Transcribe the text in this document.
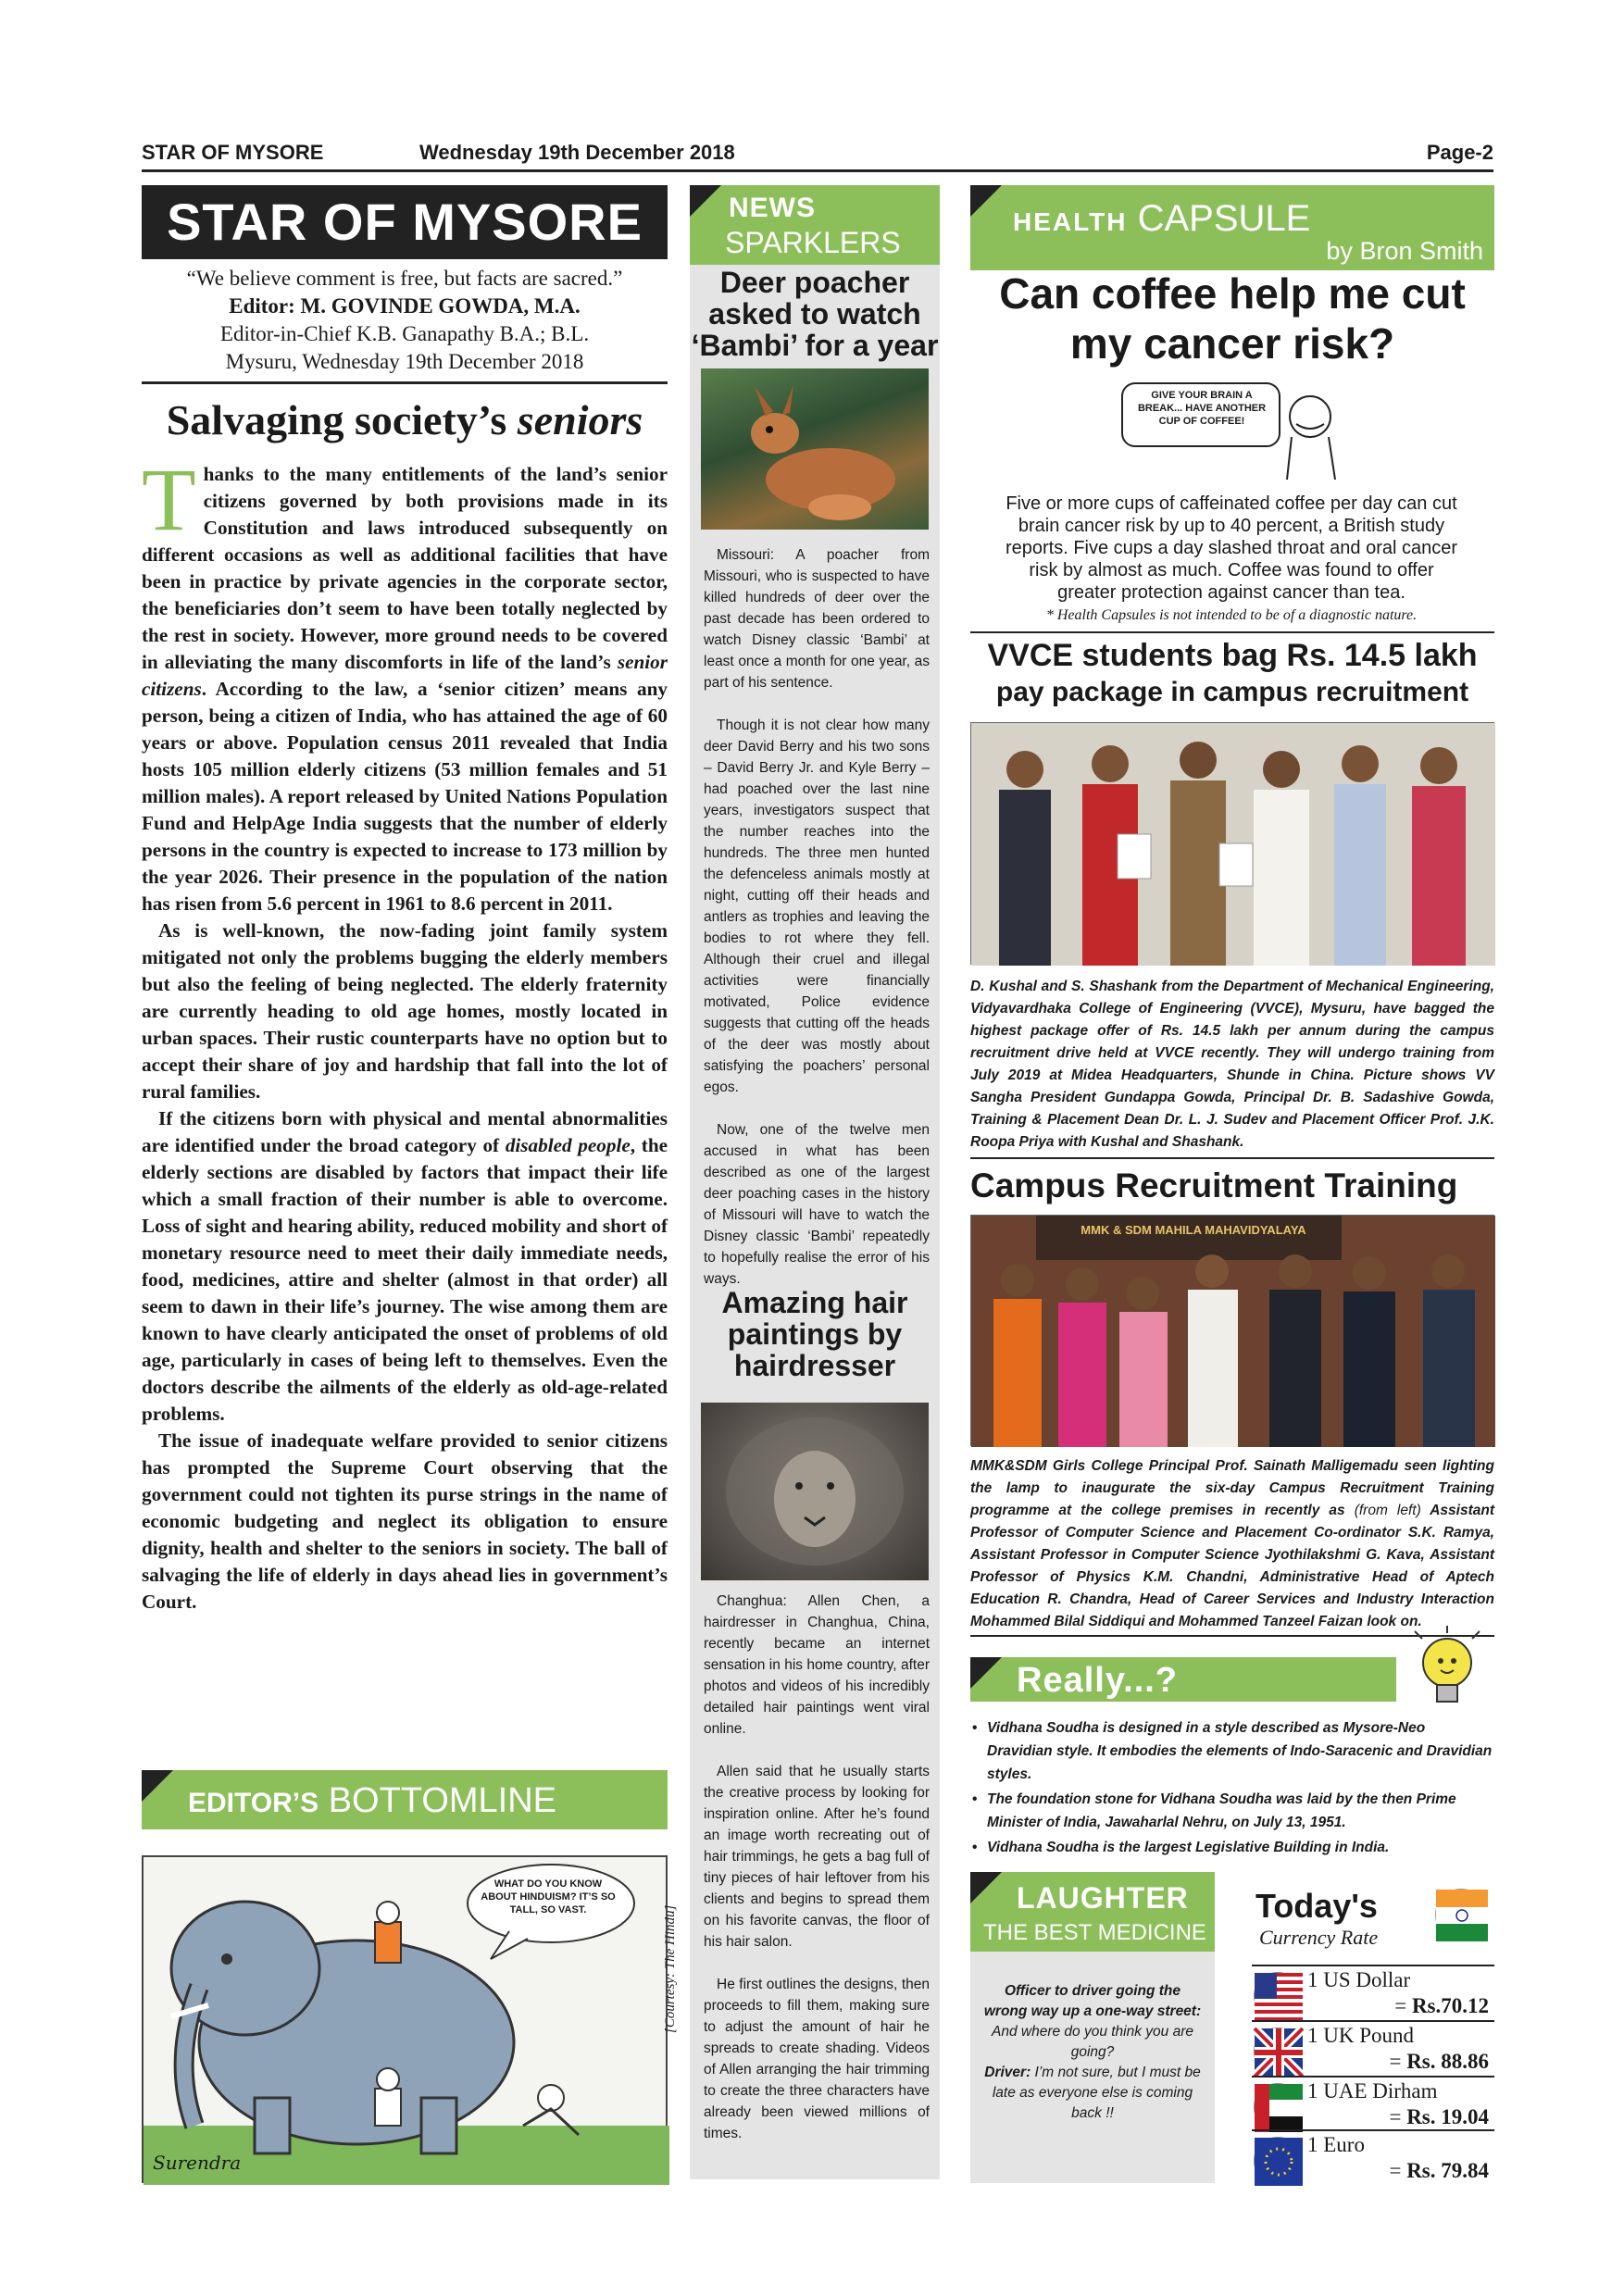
STAR OF MYSORE	Wednesday 19th December 2018	Page-2
STAR OF MYSORE
“We believe comment is free, but facts are sacred.”
Editor: M. GOVINDE GOWDA, M.A.
Editor-in-Chief K.B. Ganapathy B.A.; B.L.
Mysuru, Wednesday 19th December 2018
Salvaging society’s seniors

Thanks to the many entitlements of the land’s senior citizens governed by both provisions made in its Constitution and laws introduced subsequently on different occasions as well as additional facilities that have been in practice by private agencies in the corporate sector, the beneficiaries don’t seem to have been totally neglected by the rest in society. However, more ground needs to be covered in alleviating the many discomforts in life of the land’s senior citizens. According to the law, a ‘senior citizen’ means any person, being a citizen of India, who has attained the age of 60 years or above. Population census 2011 revealed that India hosts 105 million elderly citizens (53 million females and 51 million males). A report released by United Nations Population Fund and HelpAge India suggests that the number of elderly persons in the country is expected to increase to 173 million by the year 2026. Their presence in the population of the nation has risen from 5.6 percent in 1961 to 8.6 percent in 2011.

As is well-known, the now-fading joint family system mitigated not only the problems bugging the elderly members but also the feeling of being neglected. The elderly fraternity are currently heading to old age homes, mostly located in urban spaces. Their rustic counterparts have no option but to accept their share of joy and hardship that fall into the lot of rural families.

If the citizens born with physical and mental abnormalities are identified under the broad category of disabled people, the elderly sections are disabled by factors that impact their life which a small fraction of their number is able to overcome. Loss of sight and hearing ability, reduced mobility and short of monetary resource need to meet their daily immediate needs, food, medicines, attire and shelter (almost in that order) all seem to dawn in their life’s journey. The wise among them are known to have clearly anticipated the onset of problems of old age, particularly in cases of being left to themselves. Even the doctors describe the ailments of the elderly as old-age-related problems.

The issue of inadequate welfare provided to senior citizens has prompted the Supreme Court observing that the government could not tighten its purse strings in the name of economic budgeting and neglect its obligation to ensure dignity, health and shelter to the seniors in society. The ball of salvaging the life of elderly in days ahead lies in government’s Court.

EDITOR’S BOTTOMLINE
WHAT DO YOU KNOW ABOUT HINDUISM? IT’S SO TALL, SO VAST.
Surendra
[Courtesy: The Hindu]
NEWS
SPARKLERS
Deer poacher asked to watch ‘Bambi’ for a year

Missouri: A poacher from Missouri, who is suspected to have killed hundreds of deer over the past decade has been ordered to watch Disney classic ‘Bambi’ at least once a month for one year, as part of his sentence.

Though it is not clear how many deer David Berry and his two sons – David Berry Jr. and Kyle Berry – had poached over the last nine years, investigators suspect that the number reaches into the hundreds. The three men hunted the defenceless animals mostly at night, cutting off their heads and antlers as trophies and leaving the bodies to rot where they fell. Although their cruel and illegal activities were financially motivated, Police evidence suggests that cutting off the heads of the deer was mostly about satisfying the poachers’ personal egos.

Now, one of the twelve men accused in what has been described as one of the largest deer poaching cases in the history of Missouri will have to watch the Disney classic ‘Bambi’ repeatedly to hopefully realise the error of his ways.

Amazing hair paintings by hairdresser

Changhua: Allen Chen, a hairdresser in Changhua, China, recently became an internet sensation in his home country, after photos and videos of his incredibly detailed hair paintings went viral online.

Allen said that he usually starts the creative process by looking for inspiration online. After he’s found an image worth recreating out of hair trimmings, he gets a bag full of tiny pieces of hair leftover from his clients and begins to spread them on his favorite canvas, the floor of his hair salon.

He first outlines the designs, then proceeds to fill them, making sure to adjust the amount of hair he spreads to create shading. Videos of Allen arranging the hair trimming to create the three characters have already been viewed millions of times.

HEALTH CAPSULE
by Bron Smith
Can coffee help me cut my cancer risk?
GIVE YOUR BRAIN A BREAK... HAVE ANOTHER CUP OF COFFEE!

Five or more cups of caffeinated coffee per day can cut brain cancer risk by up to 40 percent, a British study reports. Five cups a day slashed throat and oral cancer risk by almost as much. Coffee was found to offer greater protection against cancer than tea.

* Health Capsules is not intended to be of a diagnostic nature.

VVCE students bag Rs. 14.5 lakh
pay package in campus recruitment

D. Kushal and S. Shashank from the Department of Mechanical Engineering, Vidyavardhaka College of Engineering (VVCE), Mysuru, have bagged the highest package offer of Rs. 14.5 lakh per annum during the campus recruitment drive held at VVCE recently. They will undergo training from July 2019 at Midea Headquarters, Shunde in China. Picture shows VV Sangha President Gundappa Gowda, Principal Dr. B. Sadashive Gowda, Training & Placement Dean Dr. L. J. Sudev and Placement Officer Prof. J.K. Roopa Priya with Kushal and Shashank.

Campus Recruitment Training
MMK & SDM MAHILA MAHAVIDYALAYA

MMK&SDM Girls College Principal Prof. Sainath Malligemadu seen lighting the lamp to inaugurate the six-day Campus Recruitment Training programme at the college premises in recently as (from left) Assistant Professor of Computer Science and Placement Co-ordinator S.K. Ramya, Assistant Professor in Computer Science Jyothilakshmi G. Kava, Assistant Professor of Physics K.M. Chandni, Administrative Head of Aptech Education R. Chandra, Head of Career Services and Industry Interaction Mohammed Bilal Siddiqui and Mohammed Tanzeel Faizan look on.

Really...?
• Vidhana Soudha is designed in a style described as Mysore-Neo Dravidian style. It embodies the elements of Indo-Saracenic and Dravidian styles.
• The foundation stone for Vidhana Soudha was laid by the then Prime Minister of India, Jawaharlal Nehru, on July 13, 1951.
• Vidhana Soudha is the largest Legislative Building in India.
LAUGHTER
THE BEST MEDICINE

Officer to driver going the wrong way up a one-way street: And where do you think you are going?
Driver: I’m not sure, but I must be late as everyone else is coming back !!

Today's
Currency Rate
1 US Dollar
= Rs.70.12
1 UK Pound
= Rs. 88.86
1 UAE Dirham
= Rs. 19.04
1 Euro
= Rs. 79.84
